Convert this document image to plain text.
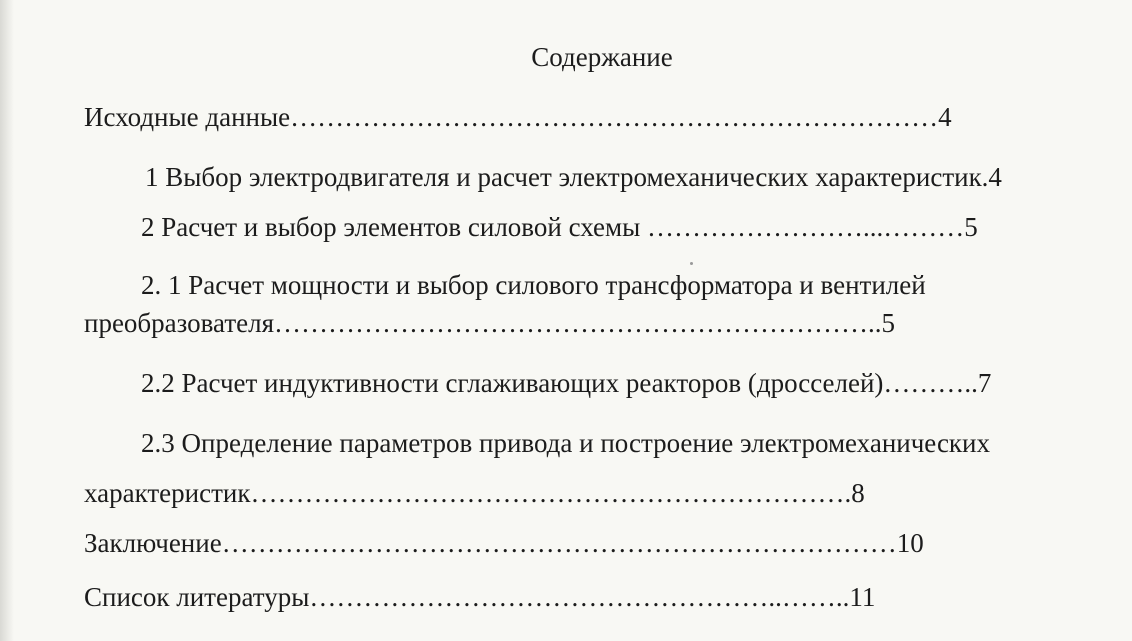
Содержание
Исходные данные………………………………………………………………4
1 Выбор электродвигателя и расчет электромеханических характеристик.4
2 Расчет и выбор элементов силовой схемы ……………………...………5
2. 1 Расчет мощности и выбор силового трансформатора и вентилей
преобразователя…………………………………………………………..5
2.2 Расчет индуктивности сглаживающих реакторов (дросселей)………..7
2.3 Определение параметров привода и построение электромеханических
характеристик………………………………………………………….8
Заключение…………………………………………………………………10
Список литературы……………………………………………..……..11
